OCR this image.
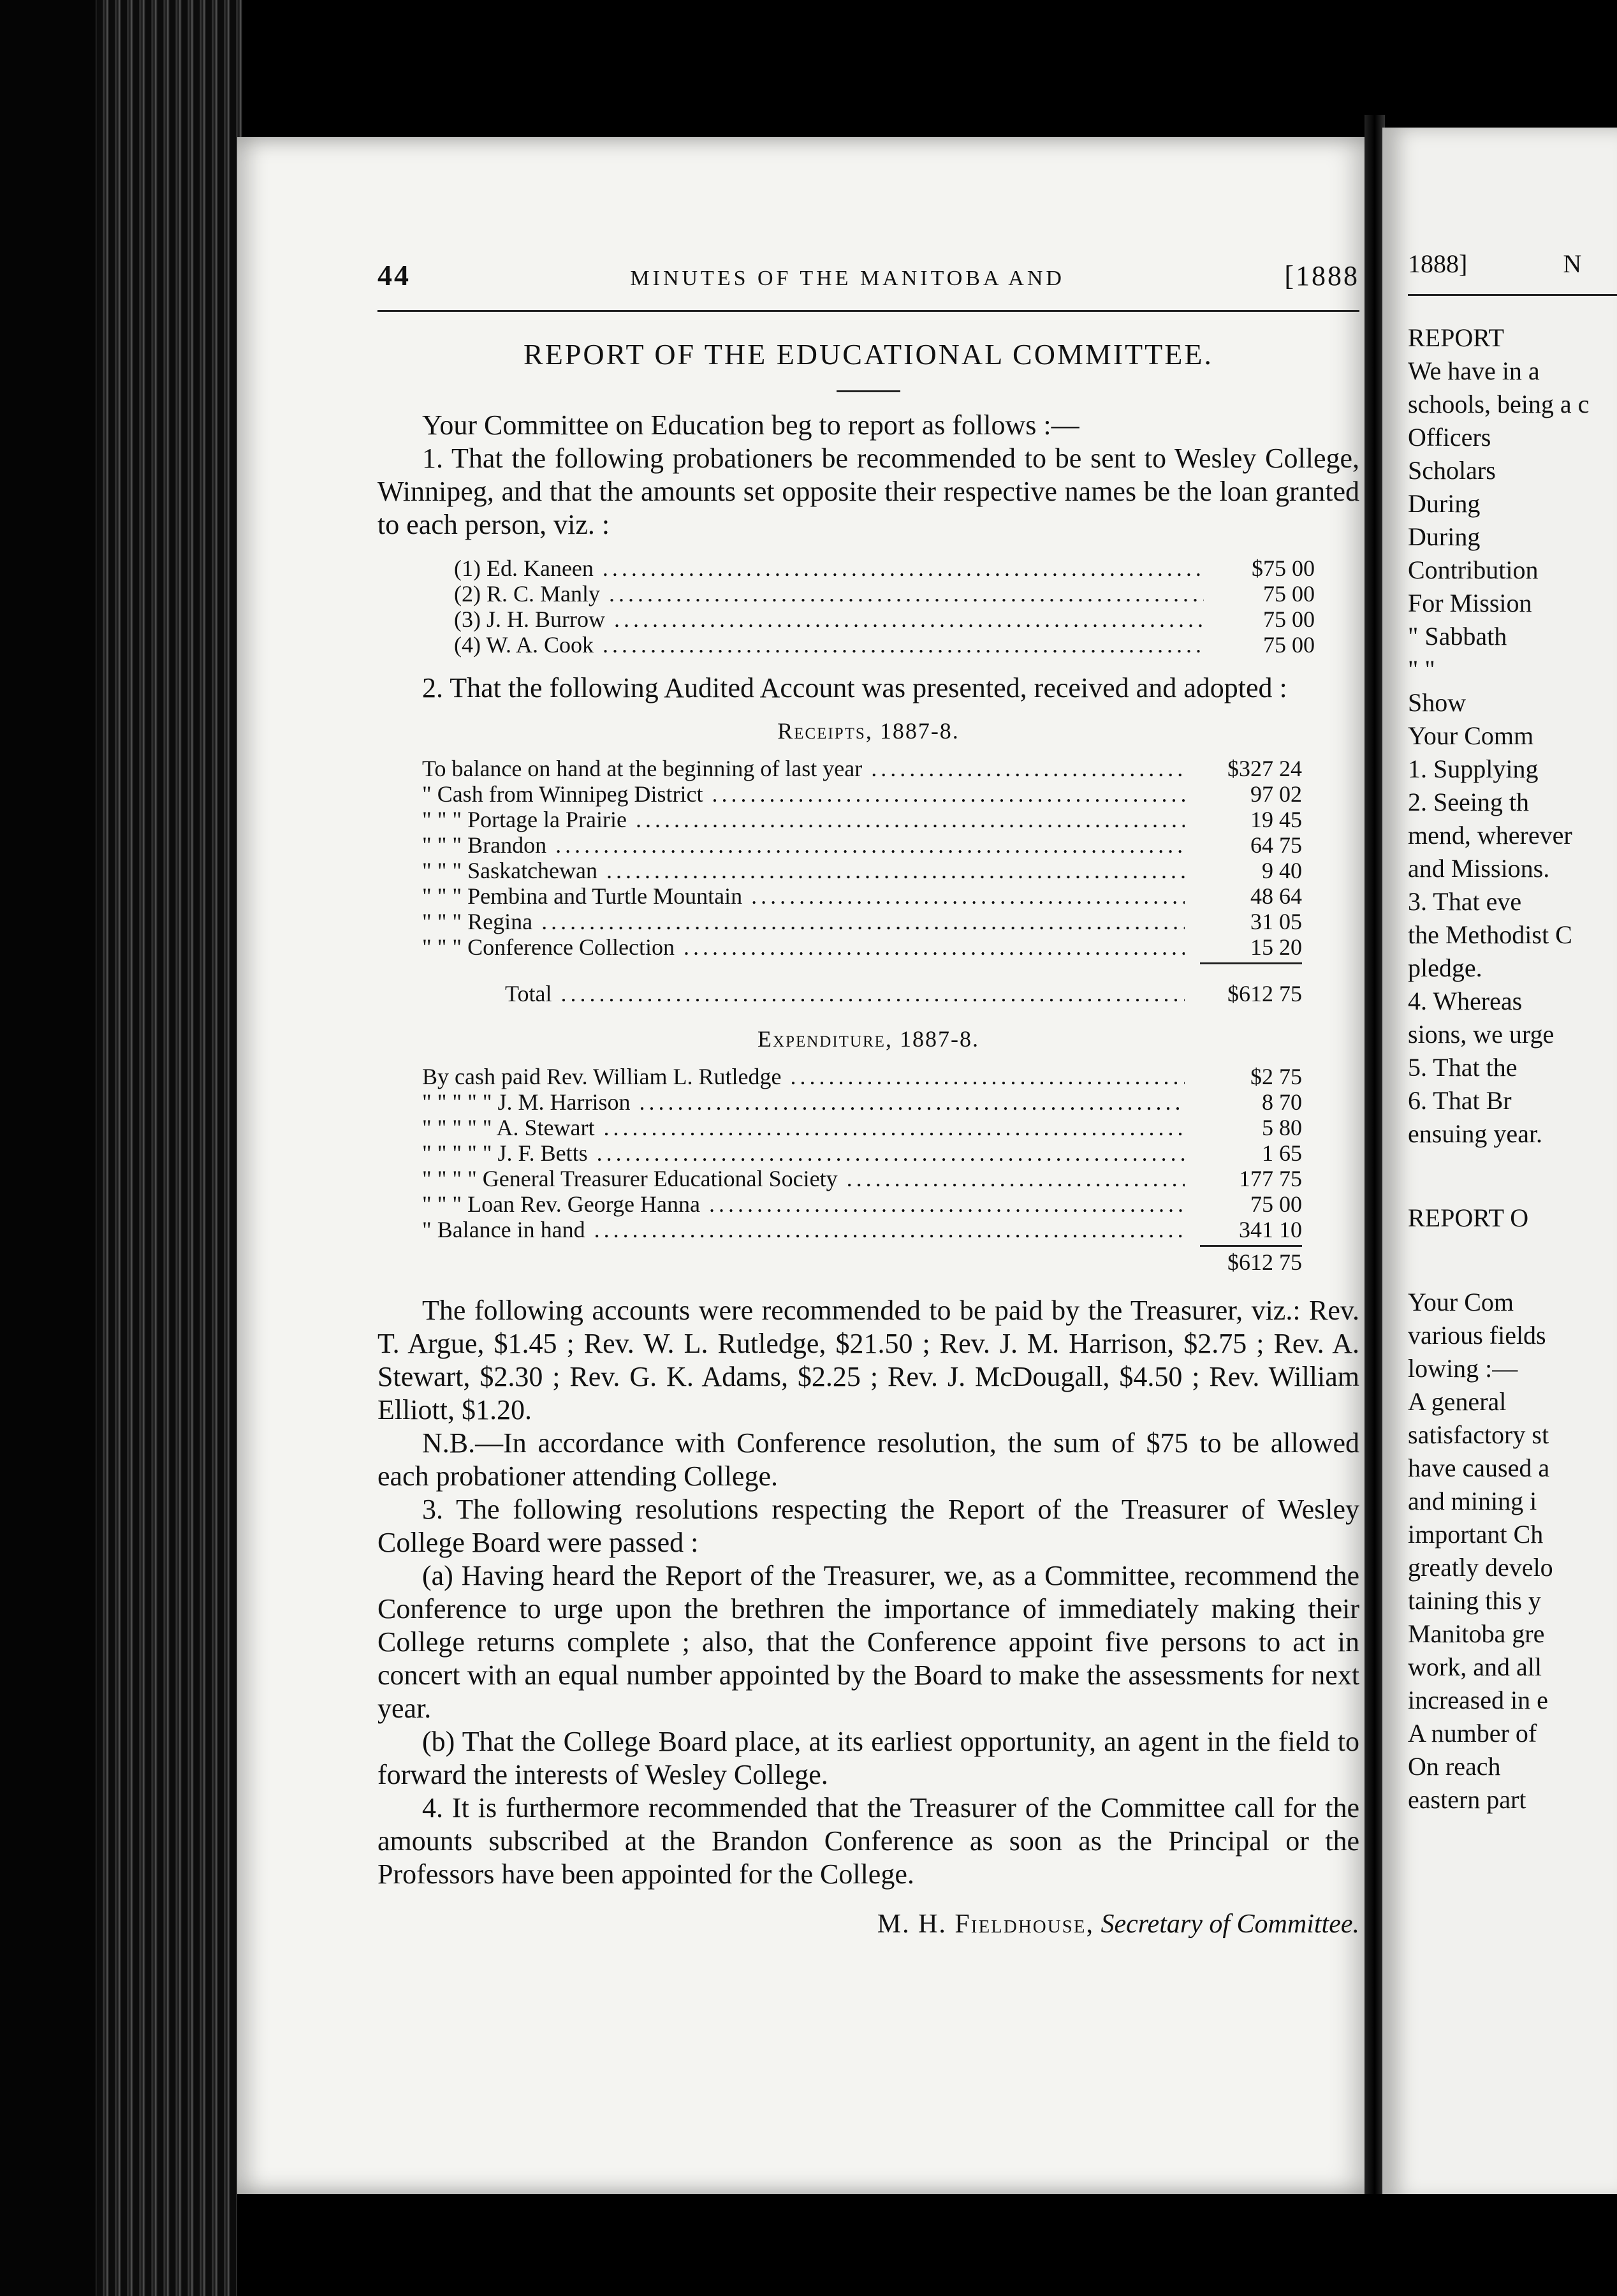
44	MINUTES OF THE MANITOBA AND	[1888
REPORT OF THE EDUCATIONAL COMMITTEE.

Your Committee on Education beg to report as follows :—

1. That the following probationers be recommended to be sent to Wesley College, Winnipeg, and that the amounts set opposite their respective names be the loan granted to each person, viz. :

(1) Ed. Kaneen .....	$75 00
(2) R. C. Manly .....	75 00
(3) J. H. Burrow .....	75 00
(4) W. A. Cook .....	75 00

2. That the following Audited Account was presented, received and adopted :

Receipts, 1887-8.
To balance on hand at the beginning of last year .....	$327 24
" Cash from Winnipeg District .....	97 02
" " " Portage la Prairie .....	19 45
" " " Brandon .....	64 75
" " " Saskatchewan .....	9 40
" " " Pembina and Turtle Mountain .....	48 64
" " " Regina .....	31 05
" " " Conference Collection .....	15 20
Total .....	$612 75
Expenditure, 1887-8.
By cash paid Rev. William L. Rutledge .....	$2 75
" " " " " J. M. Harrison .....	8 70
" " " " " A. Stewart .....	5 80
" " " " " J. F. Betts .....	1 65
" " " " General Treasurer Educational Society .....	177 75
" " " Loan Rev. George Hanna .....	75 00
" Balance in hand .....	341 10
$612 75

The following accounts were recommended to be paid by the Treasurer, viz.: Rev. T. Argue, $1.45 ; Rev. W. L. Rutledge, $21.50 ; Rev. J. M. Harrison, $2.75 ; Rev. A. Stewart, $2.30 ; Rev. G. K. Adams, $2.25 ; Rev. J. McDougall, $4.50 ; Rev. William Elliott, $1.20.

N.B.—In accordance with Conference resolution, the sum of $75 to be allowed each probationer attending College.

3. The following resolutions respecting the Report of the Treasurer of Wesley College Board were passed :

(a) Having heard the Report of the Treasurer, we, as a Committee, recommend the Conference to urge upon the brethren the importance of immediately making their College returns complete ; also, that the Conference appoint five persons to act in concert with an equal number appointed by the Board to make the assessments for next year.

(b) That the College Board place, at its earliest opportunity, an agent in the field to forward the interests of Wesley College.

4. It is furthermore recommended that the Treasurer of the Committee call for the amounts subscribed at the Brandon Conference as soon as the Principal or the Professors have been appointed for the College.

M. H. Fieldhouse, Secretary of Committee.
1888]	N
REPORT
We have in a
schools, being a c
Officers
Scholars
During
During
Contribution
For Mission
" Sabbath
" "
Show
Your Comm
1. Supplying
2. Seeing th
mend, wherever
and Missions.
3. That eve
the Methodist C
pledge.
4. Whereas
sions, we urge
5. That the
6. That Br
ensuing year.
REPORT O
Your Com
various fields
lowing :—
A general
satisfactory st
have caused a
and mining i
important Ch
greatly develo
taining this y
Manitoba gre
work, and all
increased in e
A number of
On reach
eastern part
